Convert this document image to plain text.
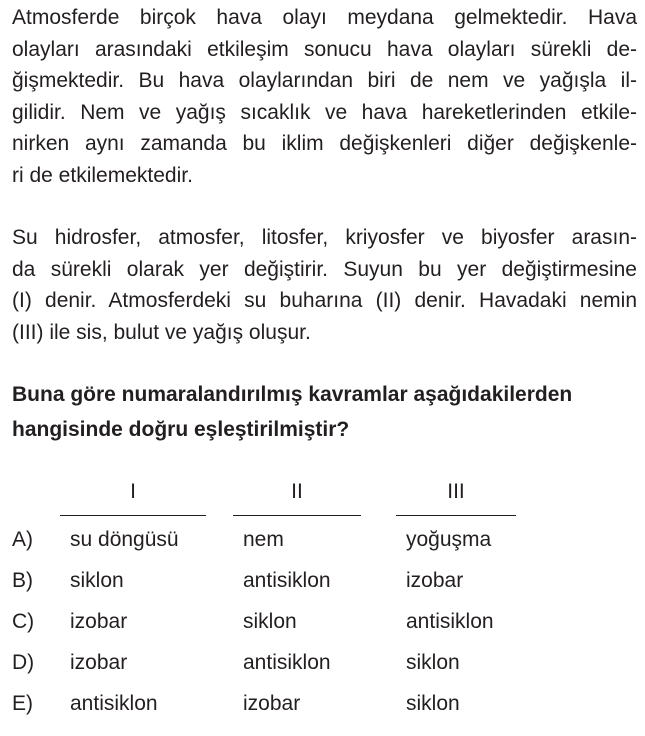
Atmosferde birçok hava olayı meydana gelmektedir. Hava
olayları arasındaki etkileşim sonucu hava olayları sürekli de-
ğişmektedir. Bu hava olaylarından biri de nem ve yağışla il-
gilidir. Nem ve yağış sıcaklık ve hava hareketlerinden etkile-
nirken aynı zamanda bu iklim değişkenleri diğer değişkenle-
ri de etkilemektedir.
Su hidrosfer, atmosfer, litosfer, kriyosfer ve biyosfer arasın-
da sürekli olarak yer değiştirir. Suyun bu yer değiştirmesine
(I) denir. Atmosferdeki su buharına (II) denir. Havadaki nemin
(III) ile sis, bulut ve yağış oluşur.
Buna göre numaralandırılmış kavramlar aşağıdakilerden
hangisinde doğru eşleştirilmiştir?
I	II	III
A) su döngüsü	nem	yoğuşma
B) siklon	antisiklon	izobar
C) izobar	siklon	antisiklon
D) izobar	antisiklon	siklon
E) antisiklon	izobar	siklon
